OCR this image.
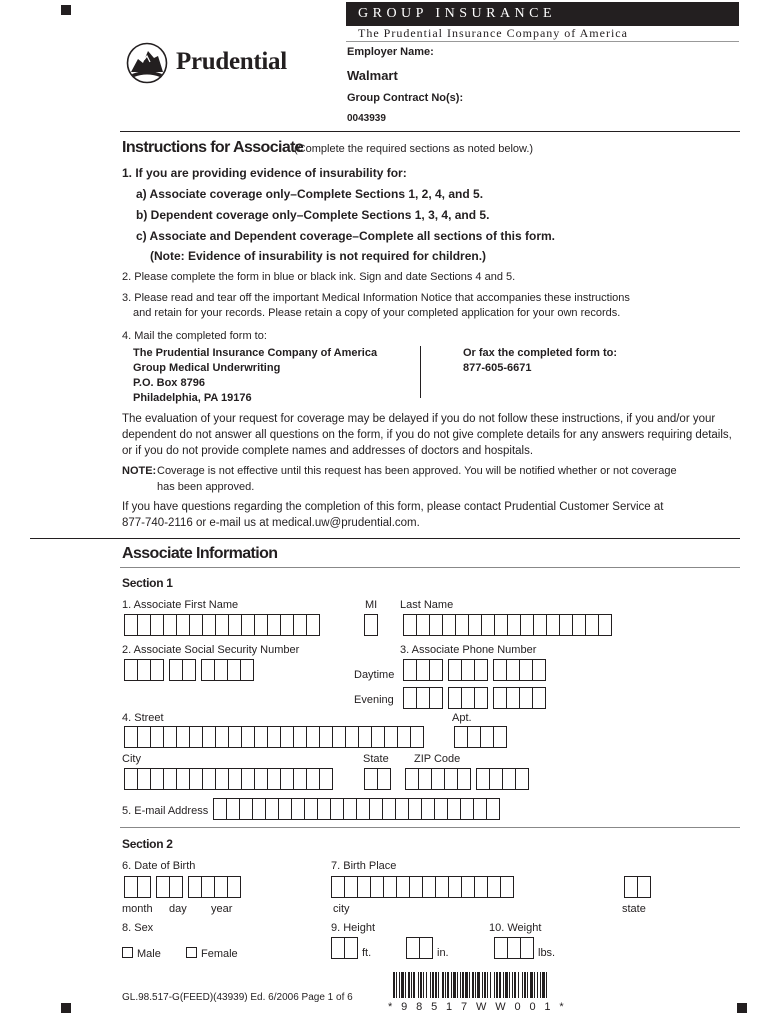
Prudential
GROUP INSURANCE
The Prudential Insurance Company of America
Employer Name:
Walmart
Group Contract No(s):
0043939
Instructions for Associate
(Complete the required sections as noted below.)
1. If you are providing evidence of insurability for:
a) Associate coverage only–Complete Sections 1, 2, 4, and 5.
b) Dependent coverage only–Complete Sections 1, 3, 4, and 5.
c) Associate and Dependent coverage–Complete all sections of this form.
(Note: Evidence of insurability is not required for children.)
2. Please complete the form in blue or black ink. Sign and date Sections 4 and 5.
3. Please read and tear off the important Medical Information Notice that accompanies these instructions
and retain for your records. Please retain a copy of your completed application for your own records.
4. Mail the completed form to:
The Prudential Insurance Company of America
Group Medical Underwriting
P.O. Box 8796
Philadelphia, PA 19176
Or fax the completed form to:
877-605-6671
The evaluation of your request for coverage may be delayed if you do not follow these instructions, if you and/or your
dependent do not answer all questions on the form, if you do not give complete details for any answers requiring details,
or if you do not provide complete names and addresses of doctors and hospitals.
NOTE: Coverage is not effective until this request has been approved. You will be notified whether or not coverage
has been approved.
If you have questions regarding the completion of this form, please contact Prudential Customer Service at
877-740-2116 or e-mail us at medical.uw@prudential.com.
Associate Information
Section 1
1. Associate First Name	MI Last Name
2. Associate Social Security Number	3. Associate Phone Number
Daytime
Evening
4. Street	Apt.
City	State ZIP Code
5. E-mail Address
Section 2
6. Date of Birth	7. Birth Place
month day year	city	state
8. Sex	9. Height	10. Weight
Male	Female	ft.	in.	lbs.
GL.98.517-G(FEED)(43939) Ed. 6/2006 Page 1 of 6
* 9 8 5 1 7 W W 0 0 1 *
